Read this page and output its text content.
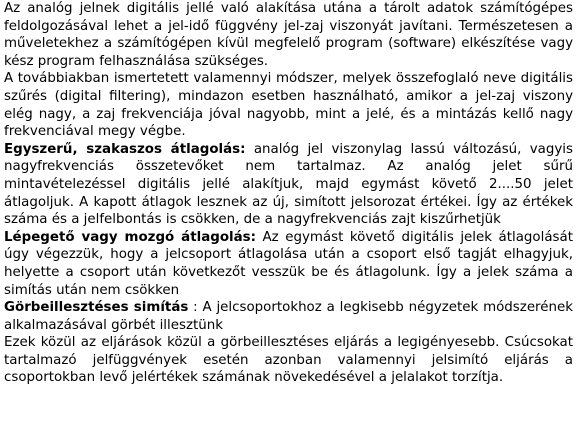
Az analóg jelnek digitális jellé való alakítása utána a tárolt adatok számítógépes feldolgozásával lehet a jel-idő függvény jel-zaj viszonyát javítani. Természetesen a műveletekhez a számítógépen kívül megfelelő program (software) elkészítése vagy kész program felhasználása szükséges.

A továbbiakban ismertetett valamennyi módszer, melyek összefoglaló neve digitális szűrés (digital filtering), mindazon esetben használható, amikor a jel-zaj viszony elég nagy, a zaj frekvenciája jóval nagyobb, mint a jelé, és a mintázás kellő nagy frekvenciával megy végbe.

Egyszerű, szakaszos átlagolás: analóg jel viszonylag lassú változású, vagyis nagyfrekvenciás összetevőket nem tartalmaz. Az analóg jelet sűrű mintavételezéssel digitális jellé alakítjuk, majd egymást követő 2....50 jelet átlagoljuk. A kapott átlagok lesznek az új, simított jelsorozat értékei. Így az értékek száma és a jelfelbontás is csökken, de a nagyfrekvenciás zajt kiszűrhetjük

Lépegető vagy mozgó átlagolás: Az egymást követő digitális jelek átlagolását úgy végezzük, hogy a jelcsoport átlagolása után a csoport első tagját elhagyjuk, helyette a csoport után következőt vesszük be és átlagolunk. Így a jelek száma a simítás után nem csökken

Görbeillesztéses simítás : A jelcsoportokhoz a legkisebb négyzetek módszerének alkalmazásával görbét illesztünk

Ezek közül az eljárások közül a görbeillesztéses eljárás a legigényesebb. Csúcsokat tartalmazó jelfüggvények esetén azonban valamennyi jelsimító eljárás a csoportokban levő jelértékek számának növekedésével a jelalakot torzítja.
